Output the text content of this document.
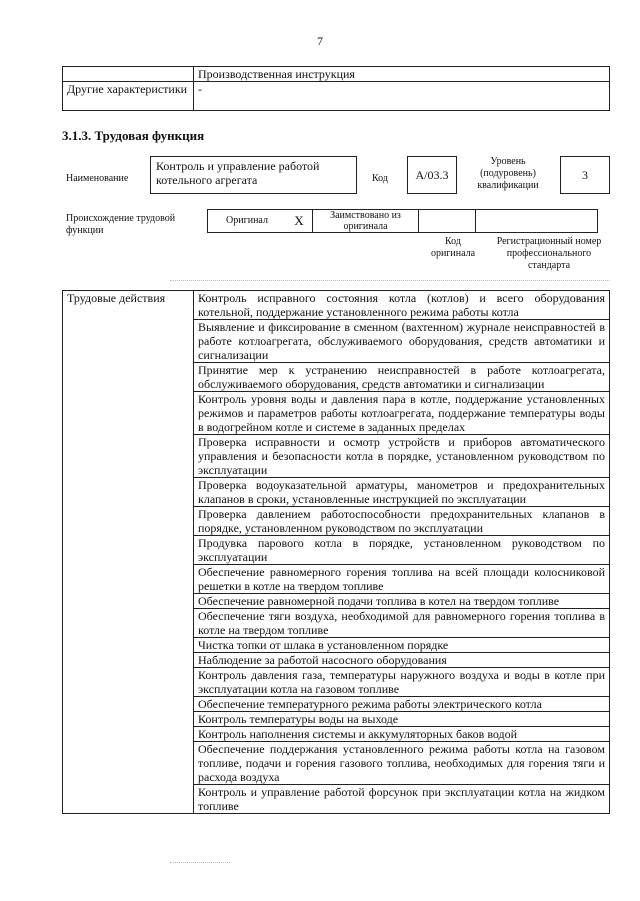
7
	Производственная инструкция
Другие характеристики	-
3.1.3. Трудовая функция
Наименование
Контроль и управление работой котельного агрегата	Код	А/03.3
Уровень (подуровень) квалификации
3
Происхождение трудовой функции
Оригинал	Х	Заимствовано из оригинала		
Код оригинала
Регистрационный номер профессионального стандарта
Трудовые действия	Контроль исправного состояния котла (котлов) и всего оборудования котельной, поддержание установленного режима работы котла
Выявление и фиксирование в сменном (вахтенном) журнале неисправностей в работе котлоагрегата, обслуживаемого оборудования, средств автоматики и сигнализации
Принятие мер к устранению неисправностей в работе котлоагрегата, обслуживаемого оборудования, средств автоматики и сигнализации
Контроль уровня воды и давления пара в котле, поддержание установленных режимов и параметров работы котлоагрегата, поддержание температуры воды в водогрейном котле и системе в заданных пределах
Проверка исправности и осмотр устройств и приборов автоматического управления и безопасности котла в порядке, установленном руководством по эксплуатации
Проверка водоуказательной арматуры, манометров и предохранительных клапанов в сроки, установленные инструкцией по эксплуатации
Проверка давлением работоспособности предохранительных клапанов в порядке, установленном руководством по эксплуатации
Продувка парового котла в порядке, установленном руководством по эксплуатации
Обеспечение равномерного горения топлива на всей площади колосниковой решетки в котле на твердом топливе
Обеспечение равномерной подачи топлива в котел на твердом топливе
Обеспечение тяги воздуха, необходимой для равномерного горения топлива в котле на твердом топливе
Чистка топки от шлака в установленном порядке
Наблюдение за работой насосного оборудования
Контроль давления газа, температуры наружного воздуха и воды в котле при эксплуатации котла на газовом топливе
Обеспечение температурного режима работы электрического котла
Контроль температуры воды на выходе
Контроль наполнения системы и аккумуляторных баков водой
Обеспечение поддержания установленного режима работы котла на газовом топливе, подачи и горения газового топлива, необходимых для горения тяги и расхода воздуха
Контроль и управление работой форсунок при эксплуатации котла на жидком топливе
